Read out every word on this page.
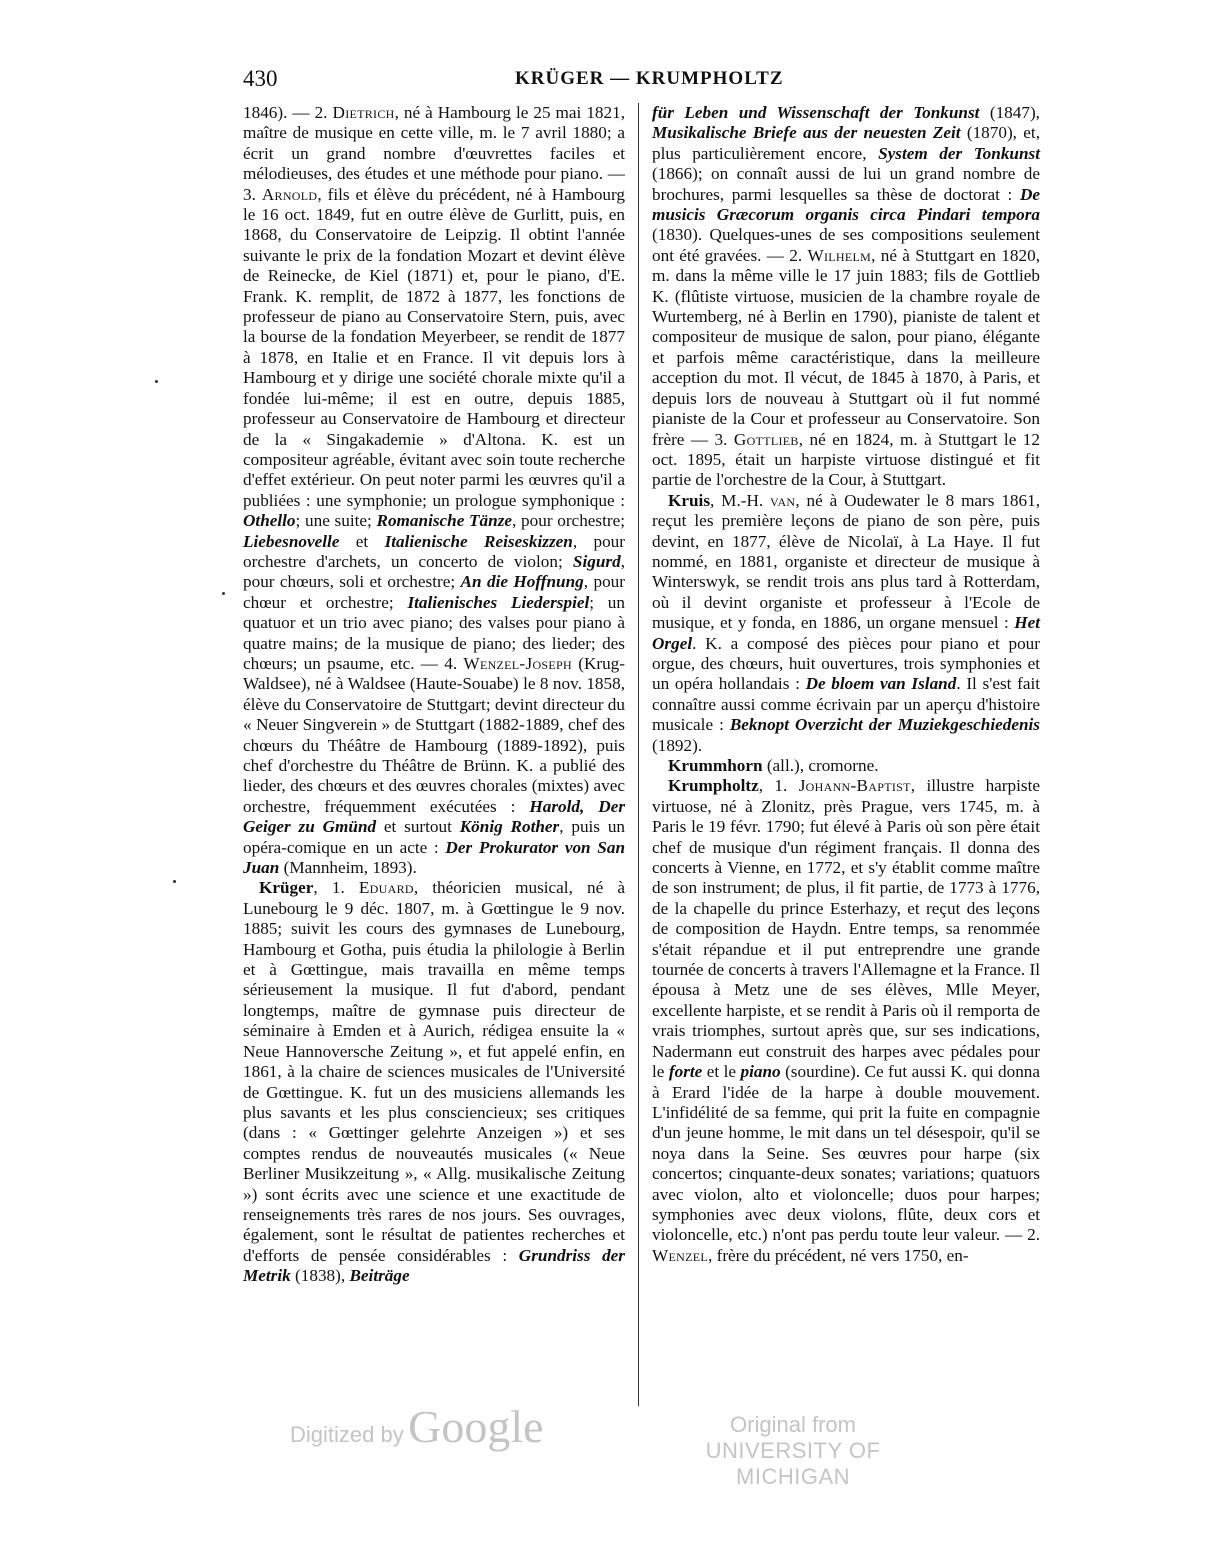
430	KRÜGER — KRUMPHOLTZ

1846). — 2. Dietrich, né à Hambourg le 25 mai 1821, maître de musique en cette ville, m. le 7 avril 1880; a écrit un grand nombre d'œuvrettes faciles et mélodieuses, des études et une méthode pour piano. — 3. Arnold, fils et élève du précédent, né à Hambourg le 16 oct. 1849, fut en outre élève de Gurlitt, puis, en 1868, du Conservatoire de Leipzig. Il obtint l'année suivante le prix de la fondation Mozart et devint élève de Reinecke, de Kiel (1871) et, pour le piano, d'E. Frank. K. remplit, de 1872 à 1877, les fonctions de professeur de piano au Conservatoire Stern, puis, avec la bourse de la fondation Meyerbeer, se rendit de 1877 à 1878, en Italie et en France. Il vit depuis lors à Hambourg et y dirige une société chorale mixte qu'il a fondée lui-même; il est en outre, depuis 1885, professeur au Conservatoire de Hambourg et directeur de la « Singakademie » d'Altona. K. est un compositeur agréable, évitant avec soin toute recherche d'effet extérieur. On peut noter parmi les œuvres qu'il a publiées : une symphonie; un prologue symphonique : Othello; une suite; Romanische Tänze, pour orchestre; Liebesnovelle et Italienische Reiseskizzen, pour orchestre d'archets, un concerto de violon; Sigurd, pour chœurs, soli et orchestre; An die Hoffnung, pour chœur et orchestre; Italienisches Liederspiel; un quatuor et un trio avec piano; des valses pour piano à quatre mains; de la musique de piano; des lieder; des chœurs; un psaume, etc. — 4. Wenzel-Joseph (Krug-Waldsee), né à Waldsee (Haute-Souabe) le 8 nov. 1858, élève du Conservatoire de Stuttgart; devint directeur du « Neuer Singverein » de Stuttgart (1882-1889, chef des chœurs du Théâtre de Hambourg (1889-1892), puis chef d'orchestre du Théâtre de Brünn. K. a publié des lieder, des chœurs et des œuvres chorales (mixtes) avec orchestre, fréquemment exécutées : Harold, Der Geiger zu Gmünd et surtout König Rother, puis un opéra-comique en un acte : Der Prokurator von San Juan (Mannheim, 1893).

Krüger, 1. Eduard, théoricien musical, né à Lunebourg le 9 déc. 1807, m. à Gœttingue le 9 nov. 1885; suivit les cours des gymnases de Lunebourg, Hambourg et Gotha, puis étudia la philologie à Berlin et à Gœttingue, mais travailla en même temps sérieusement la musique. Il fut d'abord, pendant longtemps, maître de gymnase puis directeur de séminaire à Emden et à Aurich, rédigea ensuite la « Neue Hannoversche Zeitung », et fut appelé enfin, en 1861, à la chaire de sciences musicales de l'Université de Gœttingue. K. fut un des musiciens allemands les plus savants et les plus consciencieux; ses critiques (dans : « Gœttinger gelehrte Anzeigen ») et ses comptes rendus de nouveautés musicales (« Neue Berliner Musikzeitung », « Allg. musikalische Zeitung ») sont écrits avec une science et une exactitude de renseignements très rares de nos jours. Ses ouvrages, également, sont le résultat de patientes recherches et d'efforts de pensée considérables : Grundriss der Metrik (1838), Beiträge

für Leben und Wissenschaft der Tonkunst (1847), Musikalische Briefe aus der neuesten Zeit (1870), et, plus particulièrement encore, System der Tonkunst (1866); on connaît aussi de lui un grand nombre de brochures, parmi lesquelles sa thèse de doctorat : De musicis Græcorum organis circa Pindari tempora (1830). Quelques-unes de ses compositions seulement ont été gravées. — 2. Wilhelm, né à Stuttgart en 1820, m. dans la même ville le 17 juin 1883; fils de Gottlieb K. (flûtiste virtuose, musicien de la chambre royale de Wurtemberg, né à Berlin en 1790), pianiste de talent et compositeur de musique de salon, pour piano, élégante et parfois même caractéristique, dans la meilleure acception du mot. Il vécut, de 1845 à 1870, à Paris, et depuis lors de nouveau à Stuttgart où il fut nommé pianiste de la Cour et professeur au Conservatoire. Son frère — 3. Gottlieb, né en 1824, m. à Stuttgart le 12 oct. 1895, était un harpiste virtuose distingué et fit partie de l'orchestre de la Cour, à Stuttgart.

Kruis, M.-H. van, né à Oudewater le 8 mars 1861, reçut les première leçons de piano de son père, puis devint, en 1877, élève de Nicolaï, à La Haye. Il fut nommé, en 1881, organiste et directeur de musique à Winterswyk, se rendit trois ans plus tard à Rotterdam, où il devint organiste et professeur à l'Ecole de musique, et y fonda, en 1886, un organe mensuel : Het Orgel. K. a composé des pièces pour piano et pour orgue, des chœurs, huit ouvertures, trois symphonies et un opéra hollandais : De bloem van Island. Il s'est fait connaître aussi comme écrivain par un aperçu d'histoire musicale : Beknopt Overzicht der Muziekgeschiedenis (1892).

Krummhorn (all.), cromorne.

Krumpholtz, 1. Johann-Baptist, illustre harpiste virtuose, né à Zlonitz, près Prague, vers 1745, m. à Paris le 19 févr. 1790; fut élevé à Paris où son père était chef de musique d'un régiment français. Il donna des concerts à Vienne, en 1772, et s'y établit comme maître de son instrument; de plus, il fit partie, de 1773 à 1776, de la chapelle du prince Esterhazy, et reçut des leçons de composition de Haydn. Entre temps, sa renommée s'était répandue et il put entreprendre une grande tournée de concerts à travers l'Allemagne et la France. Il épousa à Metz une de ses élèves, Mlle Meyer, excellente harpiste, et se rendit à Paris où il remporta de vrais triomphes, surtout après que, sur ses indications, Nadermann eut construit des harpes avec pédales pour le forte et le piano (sourdine). Ce fut aussi K. qui donna à Erard l'idée de la harpe à double mouvement. L'infidélité de sa femme, qui prit la fuite en compagnie d'un jeune homme, le mit dans un tel désespoir, qu'il se noya dans la Seine. Ses œuvres pour harpe (six concertos; cinquante-deux sonates; variations; quatuors avec violon, alto et violoncelle; duos pour harpes; symphonies avec deux violons, flûte, deux cors et violoncelle, etc.) n'ont pas perdu toute leur valeur. — 2. Wenzel, frère du précédent, né vers 1750, en-

Digitized by Google	Original from
UNIVERSITY OF MICHIGAN
